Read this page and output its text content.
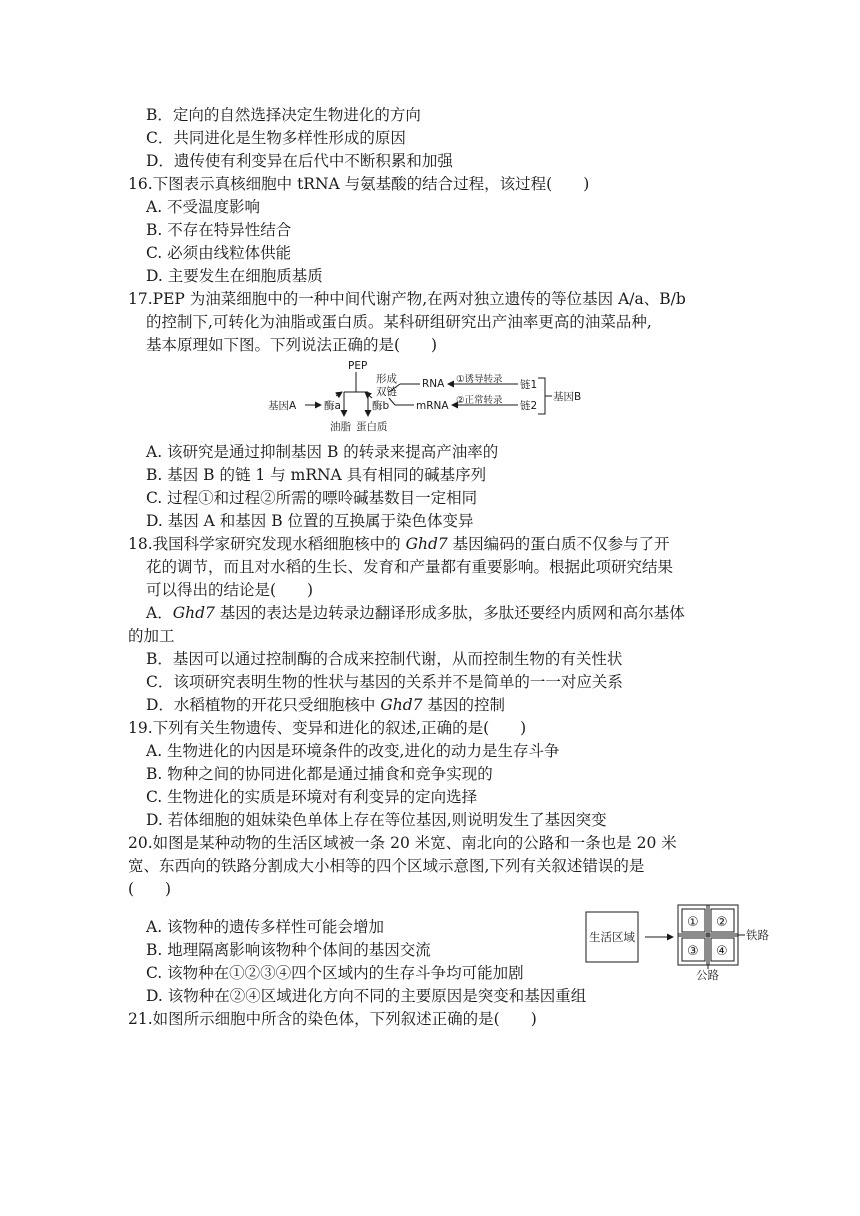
B．定向的自然选择决定生物进化的方向
C．共同进化是生物多样性形成的原因
D．遗传使有利变异在后代中不断积累和加强
16.下图表示真核细胞中 tRNA 与氨基酸的结合过程，该过程(　　)
A. 不受温度影响
B. 不存在特异性结合
C. 必须由线粒体供能
D. 主要发生在细胞质基质
17.PEP 为油菜细胞中的一种中间代谢产物,在两对独立遗传的等位基因 A/a、B/b
的控制下,可转化为油脂或蛋白质。某科研组研究出产油率更高的油菜品种,
基本原理如下图。下列说法正确的是(　　)
PEP
形成
双链
RNA ①诱导转录 链1
基因B
基因A	酶a	酶b	mRNA ②正常转录 链2
油脂 蛋白质
A. 该研究是通过抑制基因 B 的转录来提高产油率的
B. 基因 B 的链 1 与 mRNA 具有相同的碱基序列
C. 过程①和过程②所需的嘌呤碱基数目一定相同
D. 基因 A 和基因 B 位置的互换属于染色体变异
18.我国科学家研究发现水稻细胞核中的 Ghd7 基因编码的蛋白质不仅参与了开
花的调节，而且对水稻的生长、发育和产量都有重要影响。根据此项研究结果
可以得出的结论是(　　)
A．Ghd7 基因的表达是边转录边翻译形成多肽，多肽还要经内质网和高尔基体
的加工
B．基因可以通过控制酶的合成来控制代谢，从而控制生物的有关性状
C．该项研究表明生物的性状与基因的关系并不是简单的一一对应关系
D．水稻植物的开花只受细胞核中 Ghd7 基因的控制
19.下列有关生物遗传、变异和进化的叙述,正确的是(　　)
A. 生物进化的内因是环境条件的改变,进化的动力是生存斗争
B. 物种之间的协同进化都是通过捕食和竞争实现的
C. 生物进化的实质是环境对有利变异的定向选择
D. 若体细胞的姐妹染色单体上存在等位基因,则说明发生了基因突变
20.如图是某种动物的生活区域被一条 20 米宽、南北向的公路和一条也是 20 米
宽、东西向的铁路分割成大小相等的四个区域示意图,下列有关叙述错误的是
(　　)
生活区域
① ②
③ ④
铁路
公路
A. 该物种的遗传多样性可能会增加
B. 地理隔离影响该物种个体间的基因交流
C. 该物种在①②③④四个区域内的生存斗争均可能加剧
D. 该物种在②④区域进化方向不同的主要原因是突变和基因重组
21.如图所示细胞中所含的染色体，下列叙述正确的是(　　)
